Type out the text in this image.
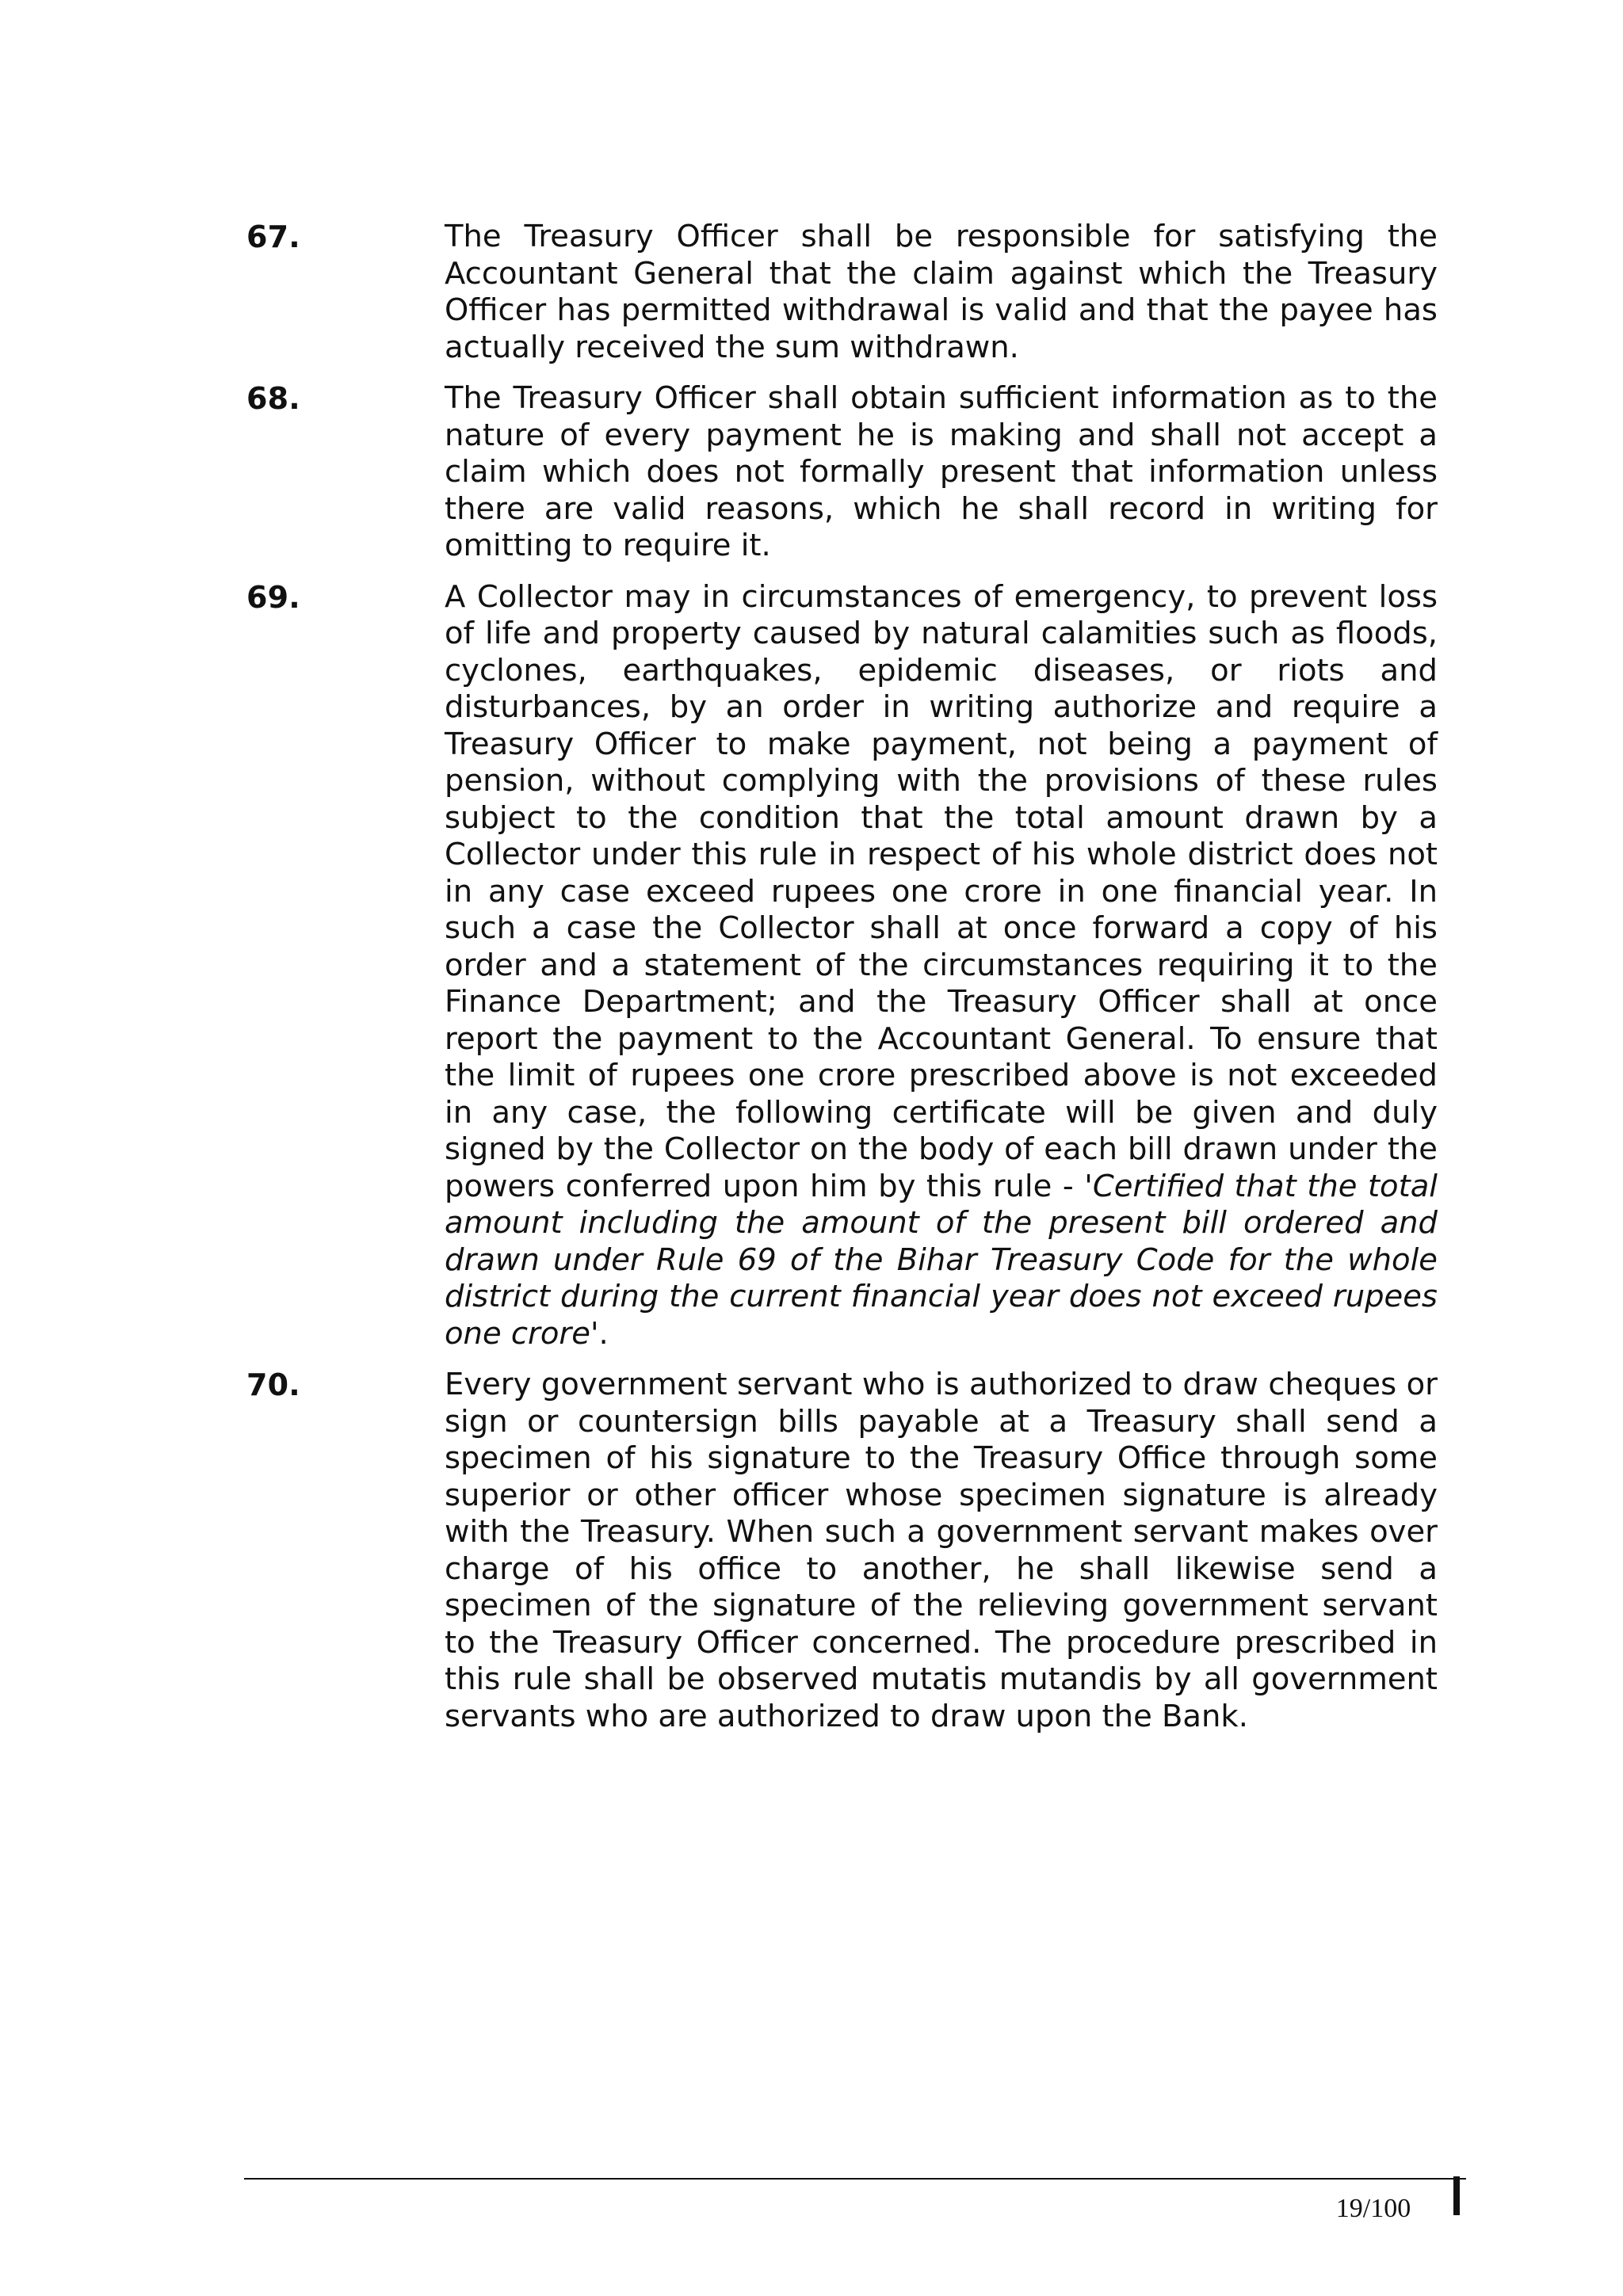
67.	The Treasury Officer shall be responsible for satisfying the Accountant General that the claim against which the Treasury Officer has permitted withdrawal is valid and that the payee has actually received the sum withdrawn.
68.	The Treasury Officer shall obtain sufficient information as to the nature of every payment he is making and shall not accept a claim which does not formally present that information unless there are valid reasons, which he shall record in writing for omitting to require it.
69.	A Collector may in circumstances of emergency, to prevent loss of life and property caused by natural calamities such as floods, cyclones, earthquakes, epidemic diseases, or riots and disturbances, by an order in writing authorize and require a Treasury Officer to make payment, not being a payment of pension, without complying with the provisions of these rules subject to the condition that the total amount drawn by a Collector under this rule in respect of his whole district does not in any case exceed rupees one crore in one financial year. In such a case the Collector shall at once forward a copy of his order and a statement of the circumstances requiring it to the Finance Department; and the Treasury Officer shall at once report the payment to the Accountant General. To ensure that the limit of rupees one crore prescribed above is not exceeded in any case, the following certificate will be given and duly signed by the Collector on the body of each bill drawn under the powers conferred upon him by this rule - 'Certified that the total amount including the amount of the present bill ordered and drawn under Rule 69 of the Bihar Treasury Code for the whole district during the current financial year does not exceed rupees one crore'.
70.	Every government servant who is authorized to draw cheques or sign or countersign bills payable at a Treasury shall send a specimen of his signature to the Treasury Office through some superior or other officer whose specimen signature is already with the Treasury. When such a government servant makes over charge of his office to another, he shall likewise send a specimen of the signature of the relieving government servant to the Treasury Officer concerned. The procedure prescribed in this rule shall be observed mutatis mutandis by all government servants who are authorized to draw upon the Bank.
19/100
